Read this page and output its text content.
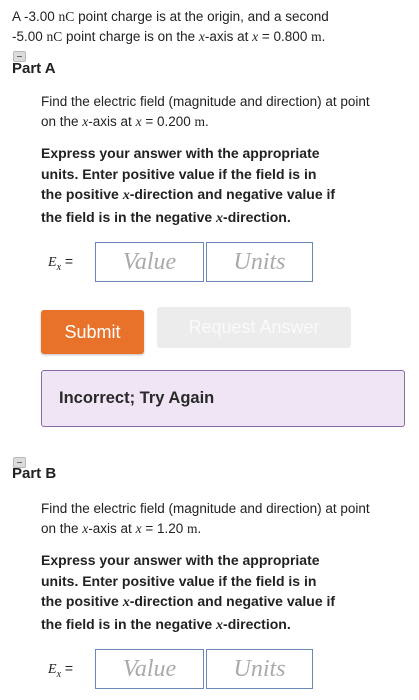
A -3.00 nC point charge is at the origin, and a second
-5.00 nC point charge is on the x-axis at x = 0.800 m.
Part A
Find the electric field (magnitude and direction) at point
on the x-axis at x = 0.200 m.
Express your answer with the appropriate
units. Enter positive value if the field is in
the positive x-direction and negative value if
the field is in the negative x-direction.
$E_x$ =	Value	Units
Submit	Request Answer
Incorrect; Try Again
Part B
Find the electric field (magnitude and direction) at point
on the x-axis at x = 1.20 m.
Express your answer with the appropriate
units. Enter positive value if the field is in
the positive x-direction and negative value if
the field is in the negative x-direction.
$E_x$ =	Value	Units
